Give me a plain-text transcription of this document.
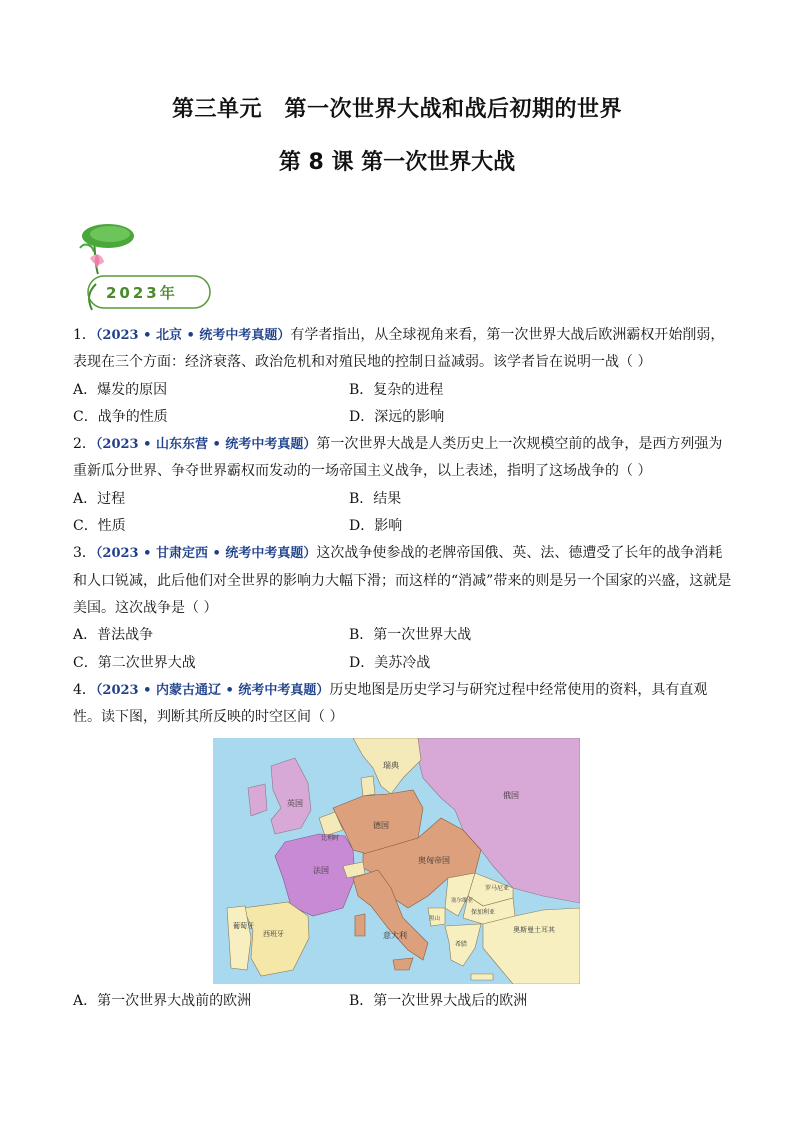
第三单元　第一次世界大战和战后初期的世界
第 8 课 第一次世界大战
2023年

1．（2023 • 北京 • 统考中考真题）有学者指出，从全球视角来看，第一次世界大战后欧洲霸权开始削弱，表现在三个方面：经济衰落、政治危机和对殖民地的控制日益减弱。该学者旨在说明一战（ ）

A．爆发的原因	B．复杂的进程
C．战争的性质	D．深远的影响

2．（2023 • 山东东营 • 统考中考真题）第一次世界大战是人类历史上一次规模空前的战争，是西方列强为重新瓜分世界、争夺世界霸权而发动的一场帝国主义战争，以上表述，指明了这场战争的（ ）

A．过程	B．结果
C．性质	D．影响

3．（2023 • 甘肃定西 • 统考中考真题）这次战争使参战的老牌帝国俄、英、法、德遭受了长年的战争消耗和人口锐减，此后他们对全世界的影响力大幅下滑；而这样的“消减”带来的则是另一个国家的兴盛，这就是美国。这次战争是（ ）

A．普法战争	B．第一次世界大战
C．第二次世界大战	D．美苏冷战

4．（2023 • 内蒙古通辽 • 统考中考真题）历史地图是历史学习与研究过程中经常使用的资料，具有直观性。读下图，判断其所反映的时空区间（ ）

瑞典
英国
俄国
德国
比利时
法国
奥匈帝国
罗马尼亚
意大利
塞尔维亚
保加利亚
黑山
希腊
葡萄牙
西班牙	奥斯曼土耳其
A．第一次世界大战前的欧洲	B．第一次世界大战后的欧洲
